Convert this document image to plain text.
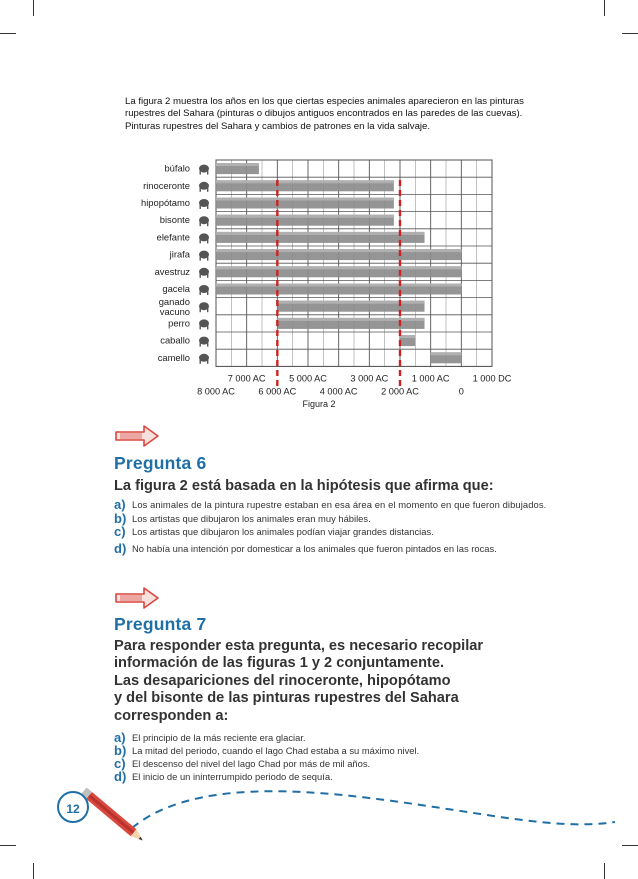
La figura 2 muestra los años en los que ciertas especies animales aparecieron en las pinturas rupestres del Sahara (pinturas o dibujos antiguos encontrados en las paredes de las cuevas).

Pinturas rupestres del Sahara y cambios de patrones en la vida salvaje.

búfalo
rinoceronte
hipopótamo
bisonte
elefante
jirafa
avestruz
gacela
ganado vacuno
perro
caballo
camello
7 000 AC	5 000 AC	3 000 AC	1 000 AC	1 000 DC
8 000 AC	6 000 AC	4 000 AC	2 000 AC	0
Figura 2
Pregunta 6
La figura 2 está basada en la hipótesis que afirma que:
a) Los animales de la pintura rupestre estaban en esa área en el momento en que fueron dibujados.
b) Los artistas que dibujaron los animales eran muy hábiles.
c) Los artistas que dibujaron los animales podían viajar grandes distancias.
d) No había una intención por domesticar a los animales que fueron pintados en las rocas.
Pregunta 7
Para responder esta pregunta, es necesario recopilar
información de las figuras 1 y 2 conjuntamente.
Las desapariciones del rinoceronte, hipopótamo
y del bisonte de las pinturas rupestres del Sahara
corresponden a:
a) El principio de la más reciente era glaciar.
b) La mitad del periodo, cuando el lago Chad estaba a su máximo nivel.
c) El descenso del nivel del lago Chad por más de mil años.
d) El inicio de un ininterrumpido periodo de sequía.
12
